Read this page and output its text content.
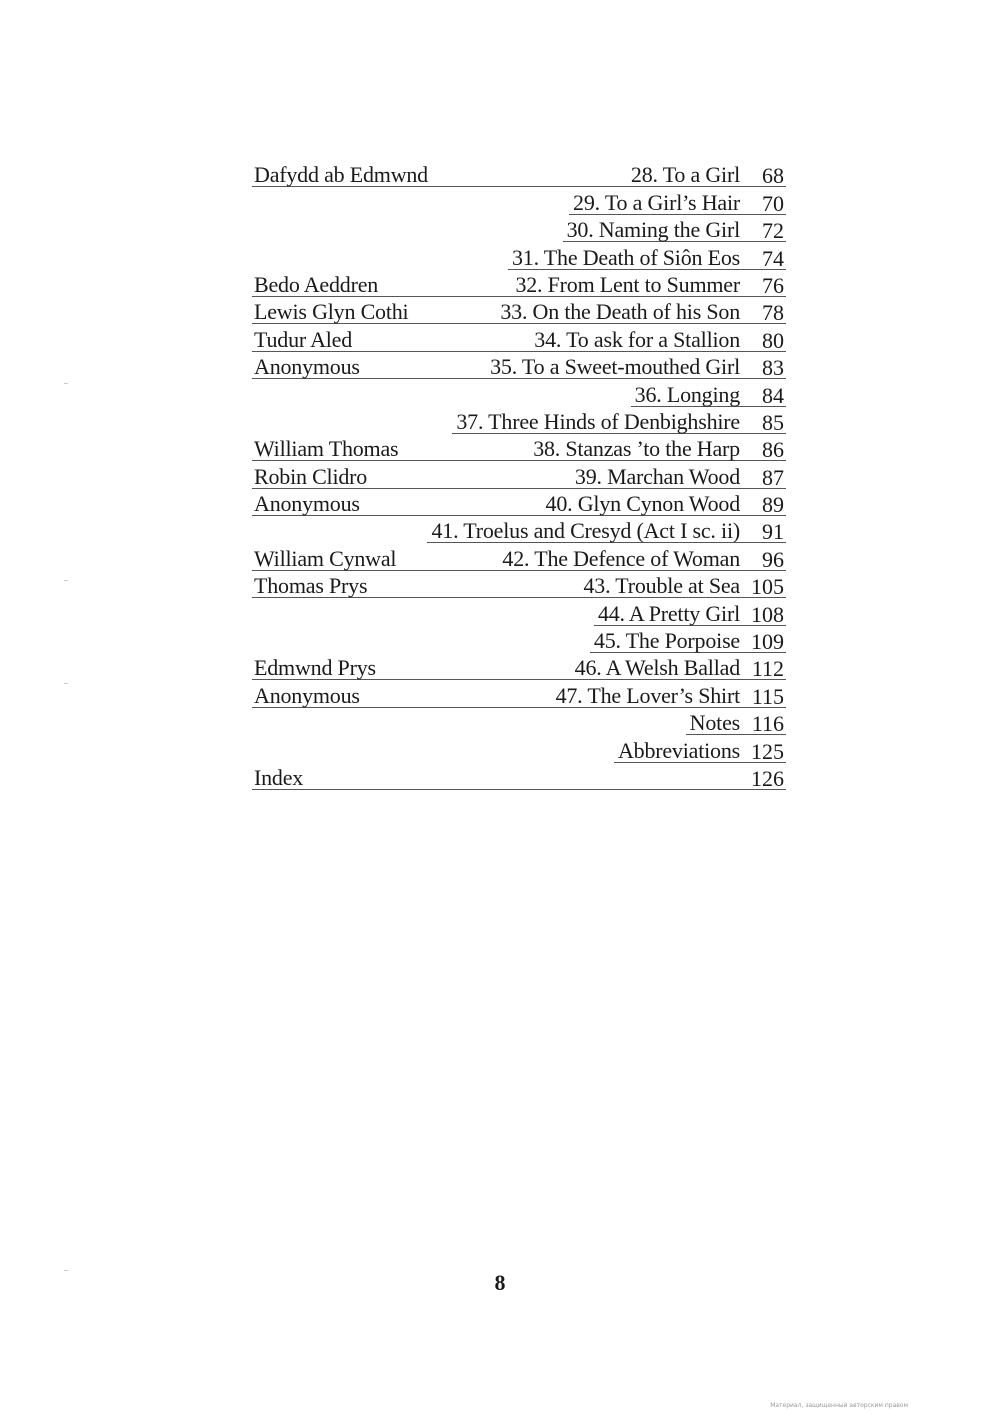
Dafydd ab Edmwnd	28. To a Girl 68
29. To a Girl’s Hair 70
30. Naming the Girl 72
31. The Death of Siôn Eos 74
Bedo Aeddren	32. From Lent to Summer 76
Lewis Glyn Cothi	33. On the Death of his Son 78
Tudur Aled	34. To ask for a Stallion 80
Anonymous	35. To a Sweet-mouthed Girl 83
36. Longing 84
37. Three Hinds of Denbighshire 85
William Thomas	38. Stanzas ’to the Harp 86
Robin Clidro	39. Marchan Wood 87
Anonymous	40. Glyn Cynon Wood 89
41. Troelus and Cresyd (Act I sc. ii) 91
William Cynwal	42. The Defence of Woman 96
Thomas Prys	43. Trouble at Sea 105
44. A Pretty Girl 108
45. The Porpoise 109
Edmwnd Prys	46. A Welsh Ballad 112
Anonymous	47. The Lover’s Shirt 115
Notes 116
Abbreviations 125
Index	126
8
Материал, защищенный авторским правом
